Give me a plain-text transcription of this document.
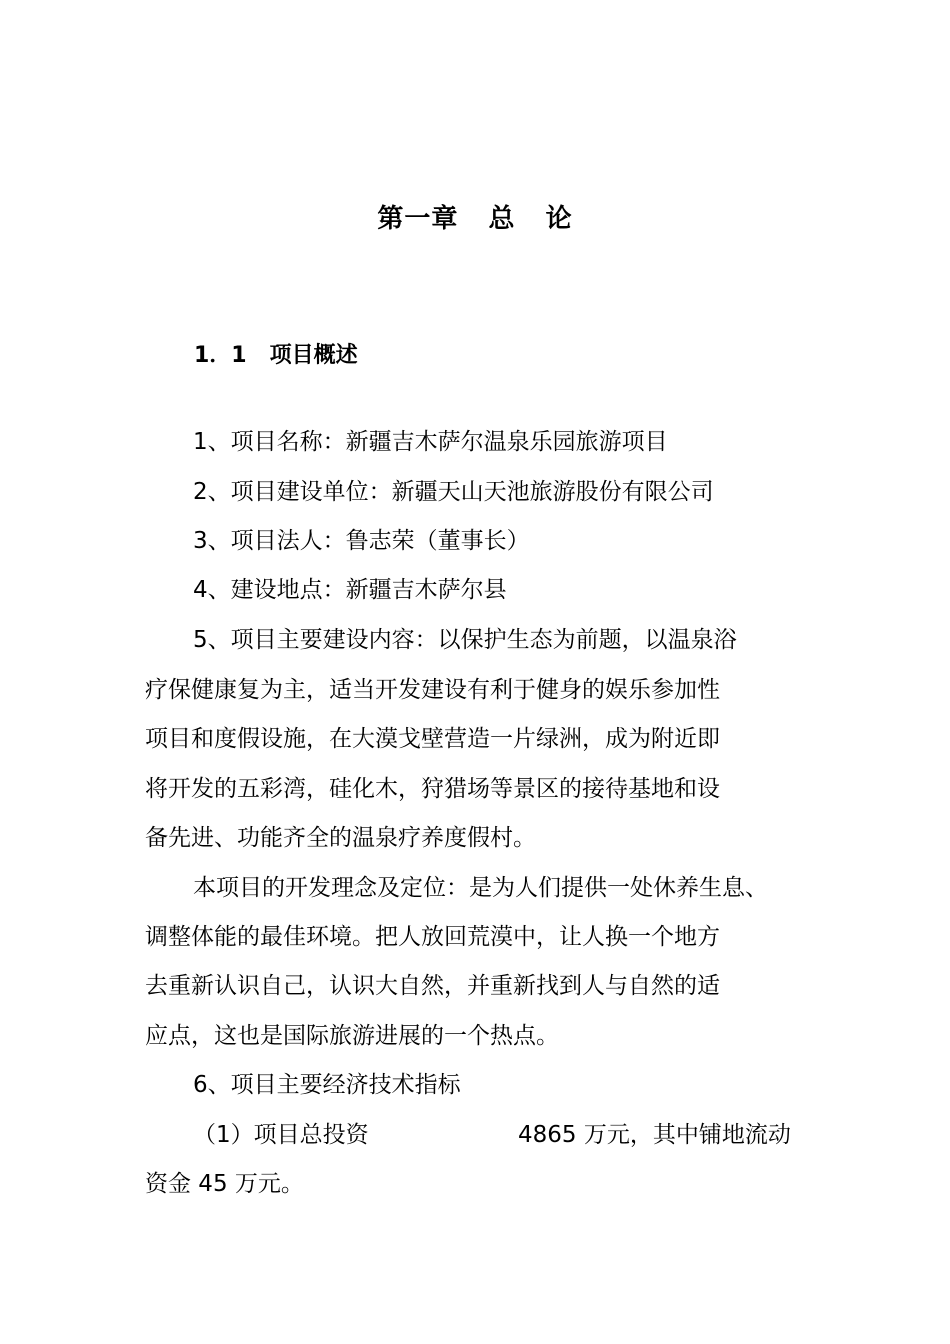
第一章   总   论
1．1   项目概述
1、项目名称：新疆吉木萨尔温泉乐园旅游项目
2、项目建设单位：新疆天山天池旅游股份有限公司
3、项目法人：鲁志荣（董事长）
4、建设地点：新疆吉木萨尔县
5、项目主要建设内容：以保护生态为前题，以温泉浴
疗保健康复为主，适当开发建设有利于健身的娱乐参加性
项目和度假设施，在大漠戈壁营造一片绿洲，成为附近即
将开发的五彩湾，硅化木，狩猎场等景区的接待基地和设
备先进、功能齐全的温泉疗养度假村。
本项目的开发理念及定位：是为人们提供一处休养生息、
调整体能的最佳环境。把人放回荒漠中，让人换一个地方
去重新认识自己，认识大自然，并重新找到人与自然的适
应点，这也是国际旅游进展的一个热点。
6、项目主要经济技术指标
（1）项目总投资	4865 万元，其中铺地流动
资金 45 万元。
